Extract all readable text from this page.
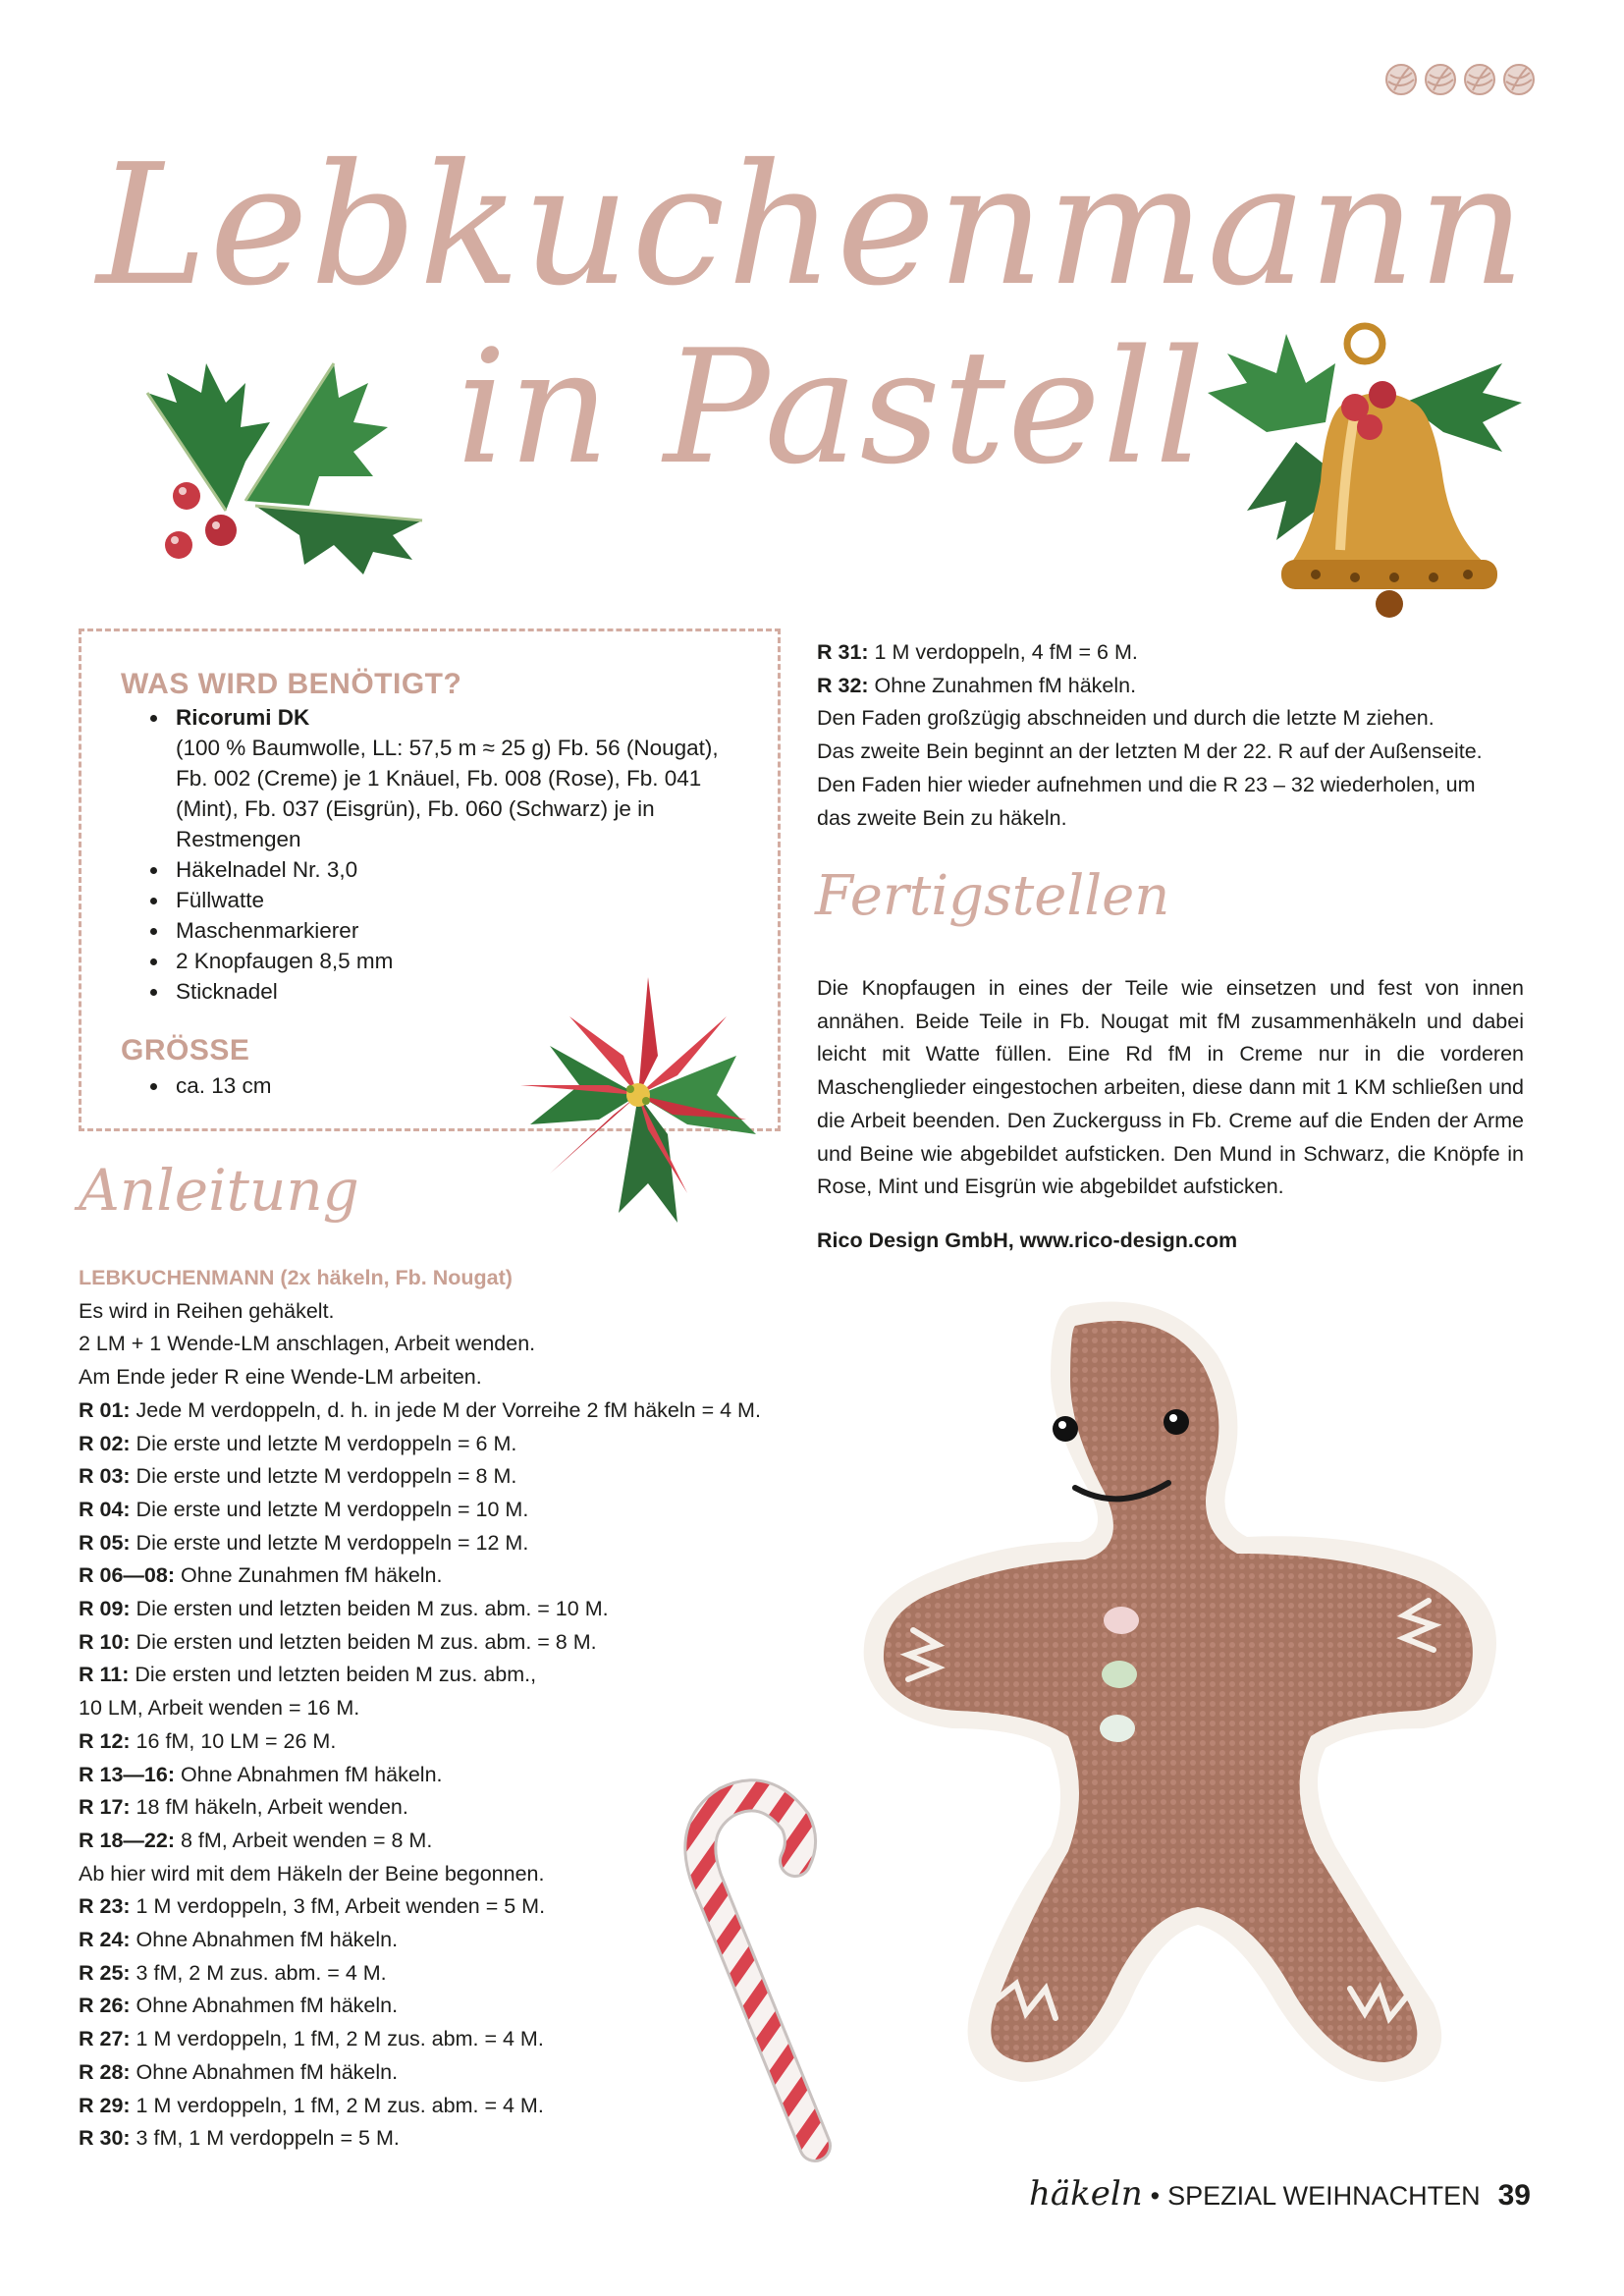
Lebkuchenmann
in Pastell
WAS WIRD BENÖTIGT?
• Ricorumi DK
(100 % Baumwolle, LL: 57,5 m ≈ 25 g) Fb. 56 (Nougat),
Fb. 002 (Creme) je 1 Knäuel, Fb. 008 (Rose), Fb. 041
(Mint), Fb. 037 (Eisgrün), Fb. 060 (Schwarz) je in
Restmengen
• Häkelnadel Nr. 3,0
• Füllwatte
• Maschenmarkierer
• 2 Knopfaugen 8,5 mm
• Sticknadel
GRÖSSE
• ca. 13 cm
Anleitung
LEBKUCHENMANN (2x häkeln, Fb. Nougat)
Es wird in Reihen gehäkelt.
2 LM + 1 Wende-LM anschlagen, Arbeit wenden.
Am Ende jeder R eine Wende-LM arbeiten.
R 01: Jede M verdoppeln, d. h. in jede M der Vorreihe 2 fM häkeln = 4 M.
R 02: Die erste und letzte M verdoppeln = 6 M.
R 03: Die erste und letzte M verdoppeln = 8 M.
R 04: Die erste und letzte M verdoppeln = 10 M.
R 05: Die erste und letzte M verdoppeln = 12 M.
R 06—08: Ohne Zunahmen fM häkeln.
R 09: Die ersten und letzten beiden M zus. abm. = 10 M.
R 10: Die ersten und letzten beiden M zus. abm. = 8 M.
R 11: Die ersten und letzten beiden M zus. abm.,
10 LM, Arbeit wenden = 16 M.
R 12: 16 fM, 10 LM = 26 M.
R 13—16: Ohne Abnahmen fM häkeln.
R 17: 18 fM häkeln, Arbeit wenden.
R 18—22: 8 fM, Arbeit wenden = 8 M.
Ab hier wird mit dem Häkeln der Beine begonnen.
R 23: 1 M verdoppeln, 3 fM, Arbeit wenden = 5 M.
R 24: Ohne Abnahmen fM häkeln.
R 25: 3 fM, 2 M zus. abm. = 4 M.
R 26: Ohne Abnahmen fM häkeln.
R 27: 1 M verdoppeln, 1 fM, 2 M zus. abm. = 4 M.
R 28: Ohne Abnahmen fM häkeln.
R 29: 1 M verdoppeln, 1 fM, 2 M zus. abm. = 4 M.
R 30: 3 fM, 1 M verdoppeln = 5 M.
R 31: 1 M verdoppeln, 4 fM = 6 M.
R 32: Ohne Zunahmen fM häkeln.
Den Faden großzügig abschneiden und durch die letzte M ziehen.
Das zweite Bein beginnt an der letzten M der 22. R auf der Außenseite.
Den Faden hier wieder aufnehmen und die R 23 – 32 wiederholen, um
das zweite Bein zu häkeln.
Fertigstellen
Die Knopfaugen in eines der Teile wie einsetzen und fest von innen annähen. Beide Teile in Fb. Nougat mit fM zusammenhäkeln und dabei leicht mit Watte füllen. Eine Rd fM in Creme nur in die vorderen Maschenglieder eingestochen arbeiten, diese dann mit 1 KM schließen und die Arbeit beenden. Den Zuckerguss in Fb. Creme auf die Enden der Arme und Beine wie abgebildet aufsticken. Den Mund in Schwarz, die Knöpfe in Rose, Mint und Eisgrün wie abgebildet aufsticken.
Rico Design GmbH, www.rico-design.com
häkeln • SPEZIAL WEIHNACHTEN 39
